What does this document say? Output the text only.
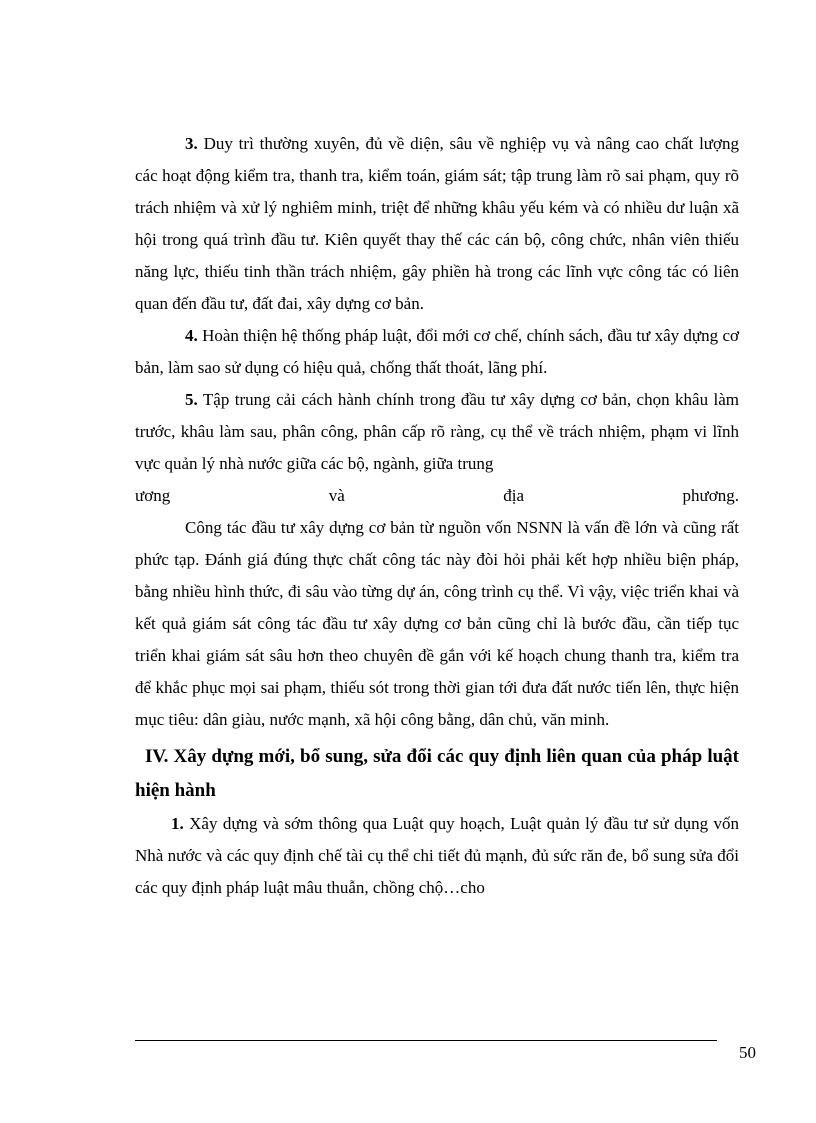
3. Duy trì thường xuyên, đủ về diện, sâu về nghiệp vụ và nâng cao chất lượng các hoạt động kiểm tra, thanh tra, kiểm toán, giám sát; tập trung làm rõ sai phạm, quy rõ trách nhiệm và xử lý nghiêm minh, triệt để những khâu yếu kém và có nhiều dư luận xã hội trong quá trình đầu tư. Kiên quyết thay thế các cán bộ, công chức, nhân viên thiếu năng lực, thiếu tinh thần trách nhiệm, gây phiền hà trong các lĩnh vực công tác có liên quan đến đầu tư, đất đai, xây dựng cơ bản.

4. Hoàn thiện hệ thống pháp luật, đổi mới cơ chế, chính sách, đầu tư xây dựng cơ bản, làm sao sử dụng có hiệu quả, chống thất thoát, lãng phí.

5. Tập trung cải cách hành chính trong đầu tư xây dựng cơ bản, chọn khâu làm trước, khâu làm sau, phân công, phân cấp rõ ràng, cụ thể về trách nhiệm, phạm vi lĩnh vực quản lý nhà nước giữa các bộ, ngành, giữa trung

ương và địa phương.

Công tác đầu tư xây dựng cơ bản từ nguồn vốn NSNN là vấn đề lớn và cũng rất phức tạp. Đánh giá đúng thực chất công tác này đòi hỏi phải kết hợp nhiều biện pháp, bằng nhiều hình thức, đi sâu vào từng dự án, công trình cụ thể. Vì vậy, việc triển khai và kết quả giám sát công tác đầu tư xây dựng cơ bản cũng chỉ là bước đầu, cần tiếp tục triển khai giám sát sâu hơn theo chuyên đề gắn với kế hoạch chung thanh tra, kiểm tra để khắc phục mọi sai phạm, thiếu sót trong thời gian tới đưa đất nước tiến lên, thực hiện mục tiêu: dân giàu, nước mạnh, xã hội công bằng, dân chủ, văn minh.

IV. Xây dựng mới, bổ sung, sửa đổi các quy định liên quan của pháp luật hiện hành

1. Xây dựng và sớm thông qua Luật quy hoạch, Luật quản lý đầu tư sử dụng vốn Nhà nước và các quy định chế tài cụ thể chi tiết đủ mạnh, đủ sức răn đe, bổ sung sửa đổi các quy định pháp luật mâu thuẫn, chồng chộ…cho

50
